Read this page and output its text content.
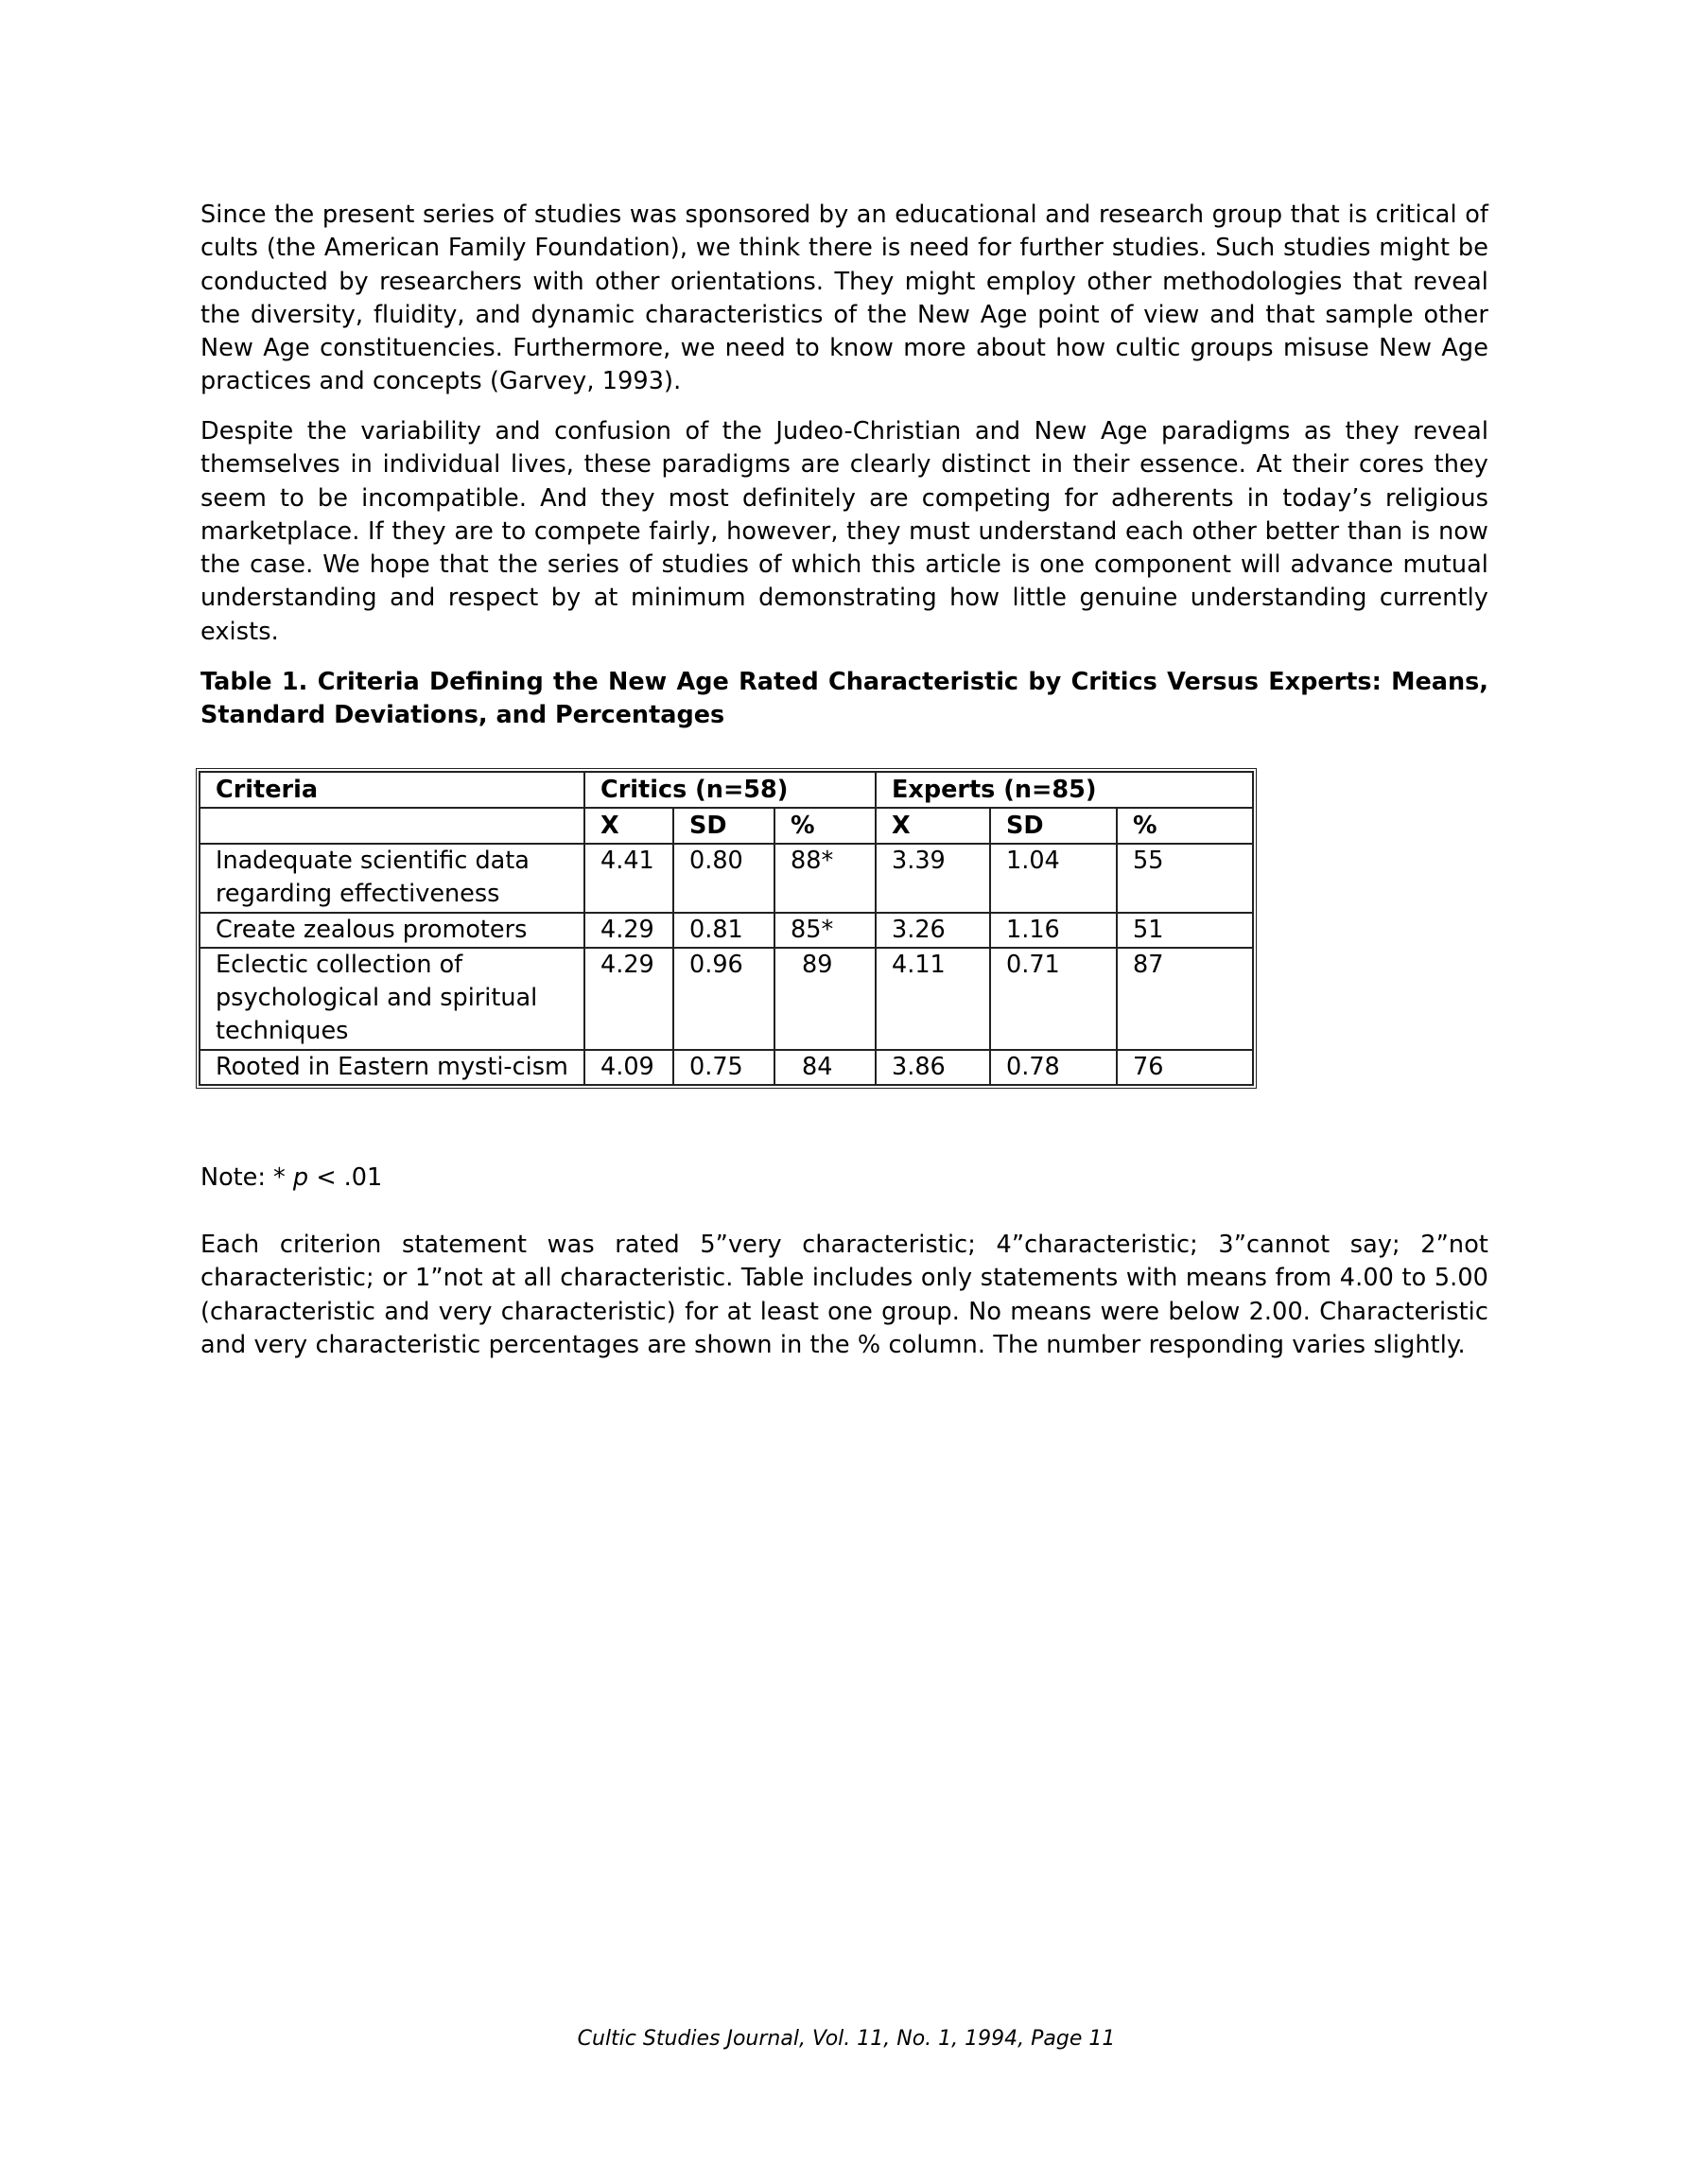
Since the present series of studies was sponsored by an educational and research group that is critical of cults (the American Family Foundation), we think there is need for further studies. Such studies might be conducted by researchers with other orientations. They might employ other methodologies that reveal the diversity, fluidity, and dynamic characteristics of the New Age point of view and that sample other New Age constituencies. Furthermore, we need to know more about how cultic groups misuse New Age practices and concepts (Garvey, 1993).

Despite the variability and confusion of the Judeo-Christian and New Age paradigms as they reveal themselves in individual lives, these paradigms are clearly distinct in their essence. At their cores they seem to be incompatible. And they most definitely are competing for adherents in today’s religious marketplace. If they are to compete fairly, however, they must understand each other better than is now the case. We hope that the series of studies of which this article is one component will advance mutual understanding and respect by at minimum demonstrating how little genuine understanding currently exists.

Table 1. Criteria Defining the New Age Rated Characteristic by Critics Versus Experts: Means, Standard Deviations, and Percentages
Criteria	Critics (n=58)			Experts (n=85)		
	X	SD	%	X	SD	%
Inadequate scientific data regarding effectiveness	4.41	0.80	88*	3.39	1.04	55
Create zealous promoters	4.29	0.81	85*	3.26	1.16	51
Eclectic collection of psychological and spiritual techniques	4.29	0.96	89	4.11	0.71	87
Rooted in Eastern mysti-cism	4.09	0.75	84	3.86	0.78	76
Note: * p < .01

Each criterion statement was rated 5”very characteristic; 4”characteristic; 3”cannot say; 2”not characteristic; or 1”not at all characteristic. Table includes only statements with means from 4.00 to 5.00 (characteristic and very characteristic) for at least one group. No means were below 2.00. Characteristic and very characteristic percentages are shown in the % column. The number responding varies slightly.

Cultic Studies Journal, Vol. 11, No. 1, 1994, Page 11
